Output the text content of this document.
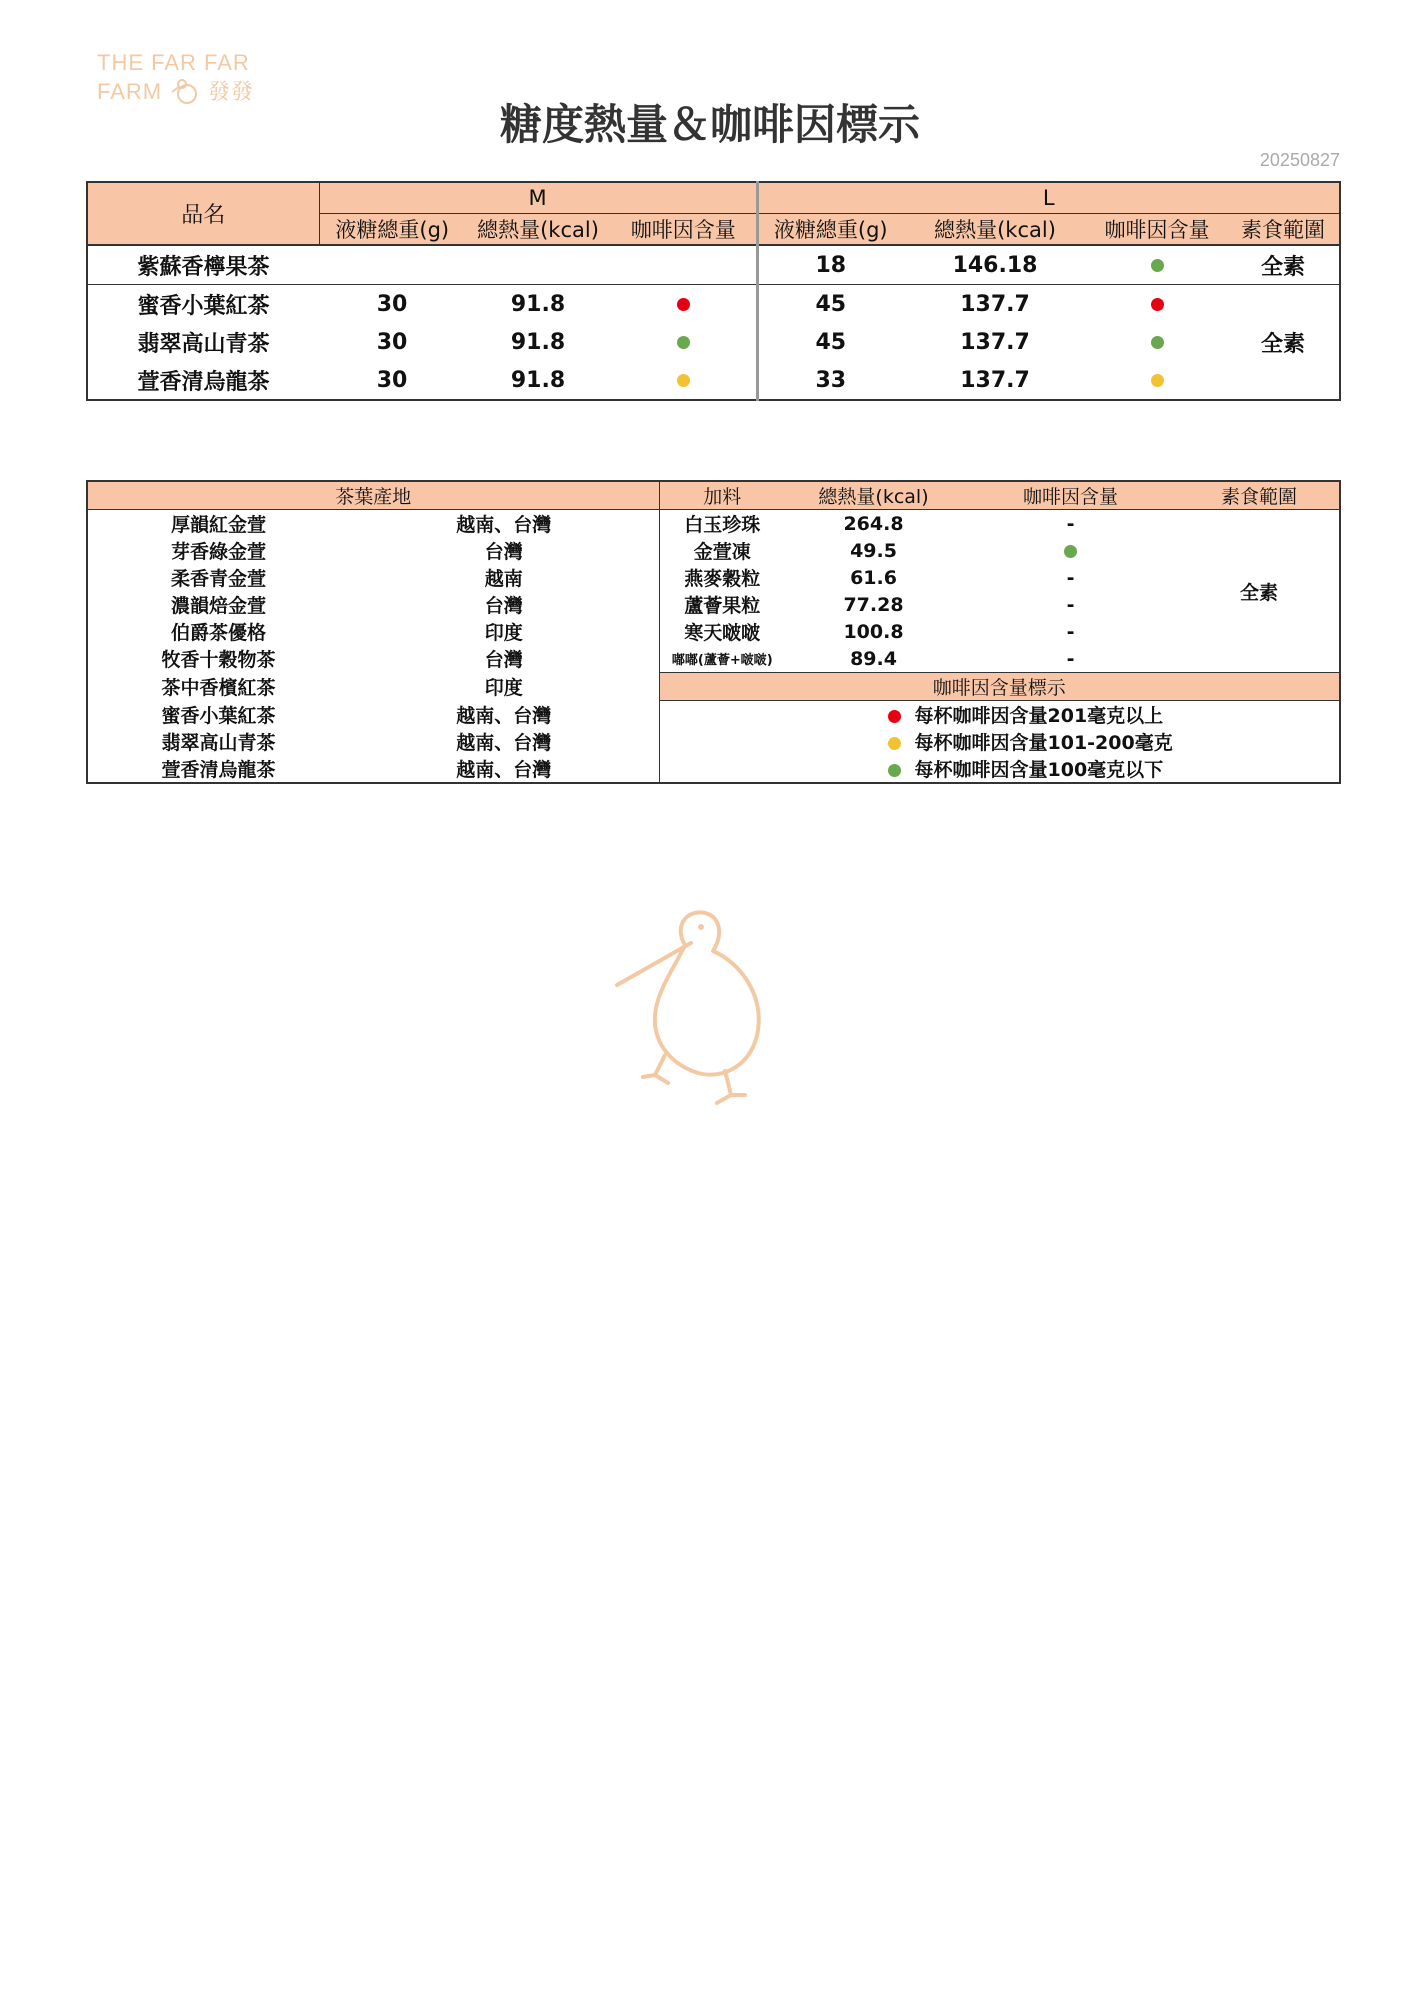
THE FAR FAR
FARM 發發
糖度熱量＆咖啡因標示
20250827
品名	M			L			
	液糖總重(g)	總熱量(kcal)	咖啡因含量	液糖總重(g)	總熱量(kcal)	咖啡因含量	素食範圍
紫蘇香檸果茶				18	146.18		全素
蜜香小葉紅茶	30	91.8		45	137.7		全素
翡翠高山青茶	30	91.8		45	137.7		
萱香清烏龍茶	30	91.8		33	137.7		
茶葉產地		加料	總熱量(kcal)	咖啡因含量	素食範圍
厚韻紅金萱	越南、台灣	白玉珍珠	264.8	-	全素
芽香綠金萱	台灣	金萱凍	49.5		
柔香青金萱	越南	燕麥穀粒	61.6	-	
濃韻焙金萱	台灣	蘆薈果粒	77.28	-	
伯爵茶優格	印度	寒天啵啵	100.8	-	
牧香十穀物茶	台灣	嘟嘟(蘆薈+啵啵)	89.4	-	
茶中香檳紅茶	印度	咖啡因含量標示			
蜜香小葉紅茶	越南、台灣	每杯咖啡因含量201毫克以上			
翡翠高山青茶	越南、台灣	每杯咖啡因含量101-200毫克			
萱香清烏龍茶	越南、台灣	每杯咖啡因含量100毫克以下			
